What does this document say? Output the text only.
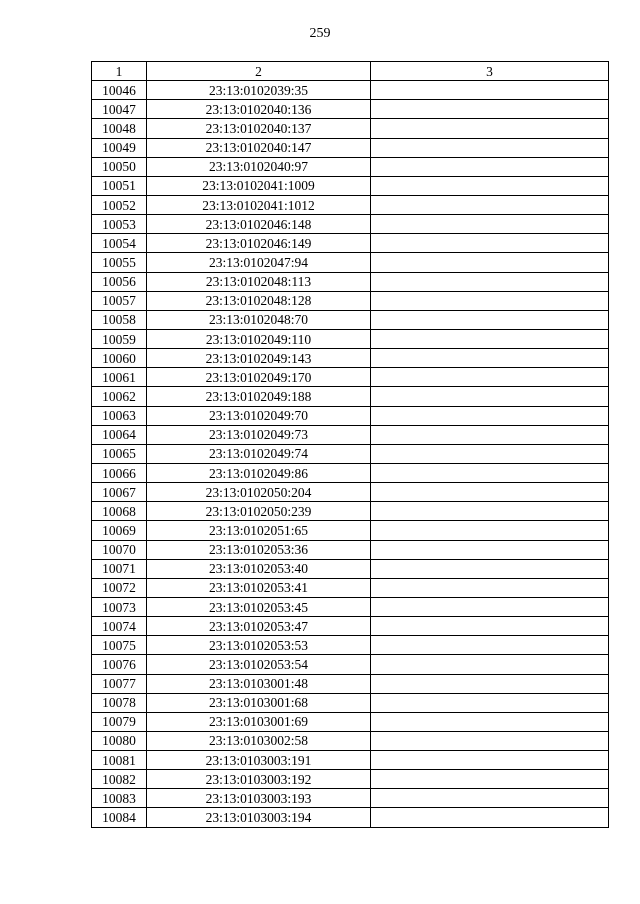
259
1	2	3
10046	23:13:0102039:35	
10047	23:13:0102040:136	
10048	23:13:0102040:137	
10049	23:13:0102040:147	
10050	23:13:0102040:97	
10051	23:13:0102041:1009	
10052	23:13:0102041:1012	
10053	23:13:0102046:148	
10054	23:13:0102046:149	
10055	23:13:0102047:94	
10056	23:13:0102048:113	
10057	23:13:0102048:128	
10058	23:13:0102048:70	
10059	23:13:0102049:110	
10060	23:13:0102049:143	
10061	23:13:0102049:170	
10062	23:13:0102049:188	
10063	23:13:0102049:70	
10064	23:13:0102049:73	
10065	23:13:0102049:74	
10066	23:13:0102049:86	
10067	23:13:0102050:204	
10068	23:13:0102050:239	
10069	23:13:0102051:65	
10070	23:13:0102053:36	
10071	23:13:0102053:40	
10072	23:13:0102053:41	
10073	23:13:0102053:45	
10074	23:13:0102053:47	
10075	23:13:0102053:53	
10076	23:13:0102053:54	
10077	23:13:0103001:48	
10078	23:13:0103001:68	
10079	23:13:0103001:69	
10080	23:13:0103002:58	
10081	23:13:0103003:191	
10082	23:13:0103003:192	
10083	23:13:0103003:193	
10084	23:13:0103003:194	
